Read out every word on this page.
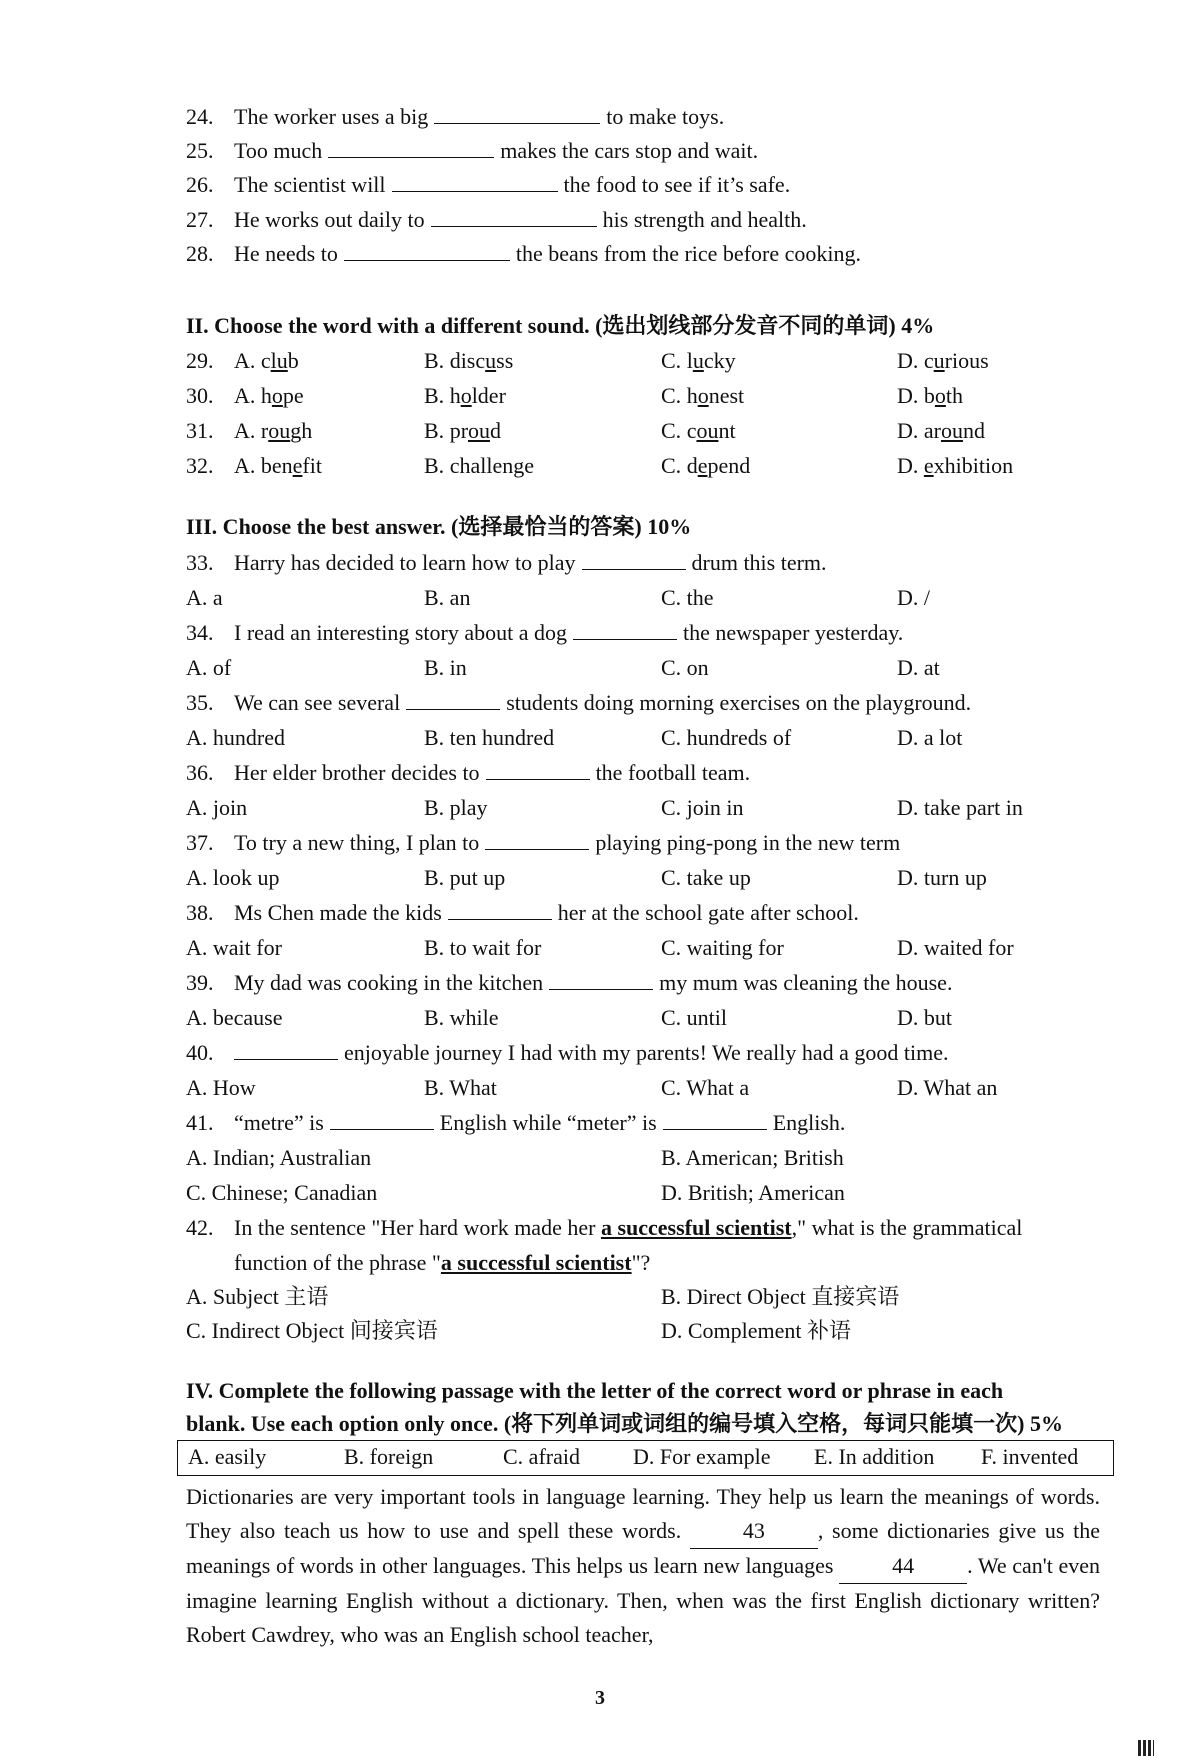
24. The worker uses a big	to make toys.
25. Too much	makes the cars stop and wait.
26. The scientist will	the food to see if it’s safe.
27. He works out daily to	his strength and health.
28. He needs to	the beans from the rice before cooking.
II. Choose the word with a different sound. (选出划线部分发音不同的单词) 4%
29. A. club	B. discuss	C. lucky	D. curious
30. A. hope	B. holder	C. honest	D. both
31. A. rough	B. proud	C. count	D. around
32. A. benefit	B. challenge	C. depend	D. exhibition
III. Choose the best answer. (选择最恰当的答案) 10%
33. Harry has decided to learn how to play	drum this term.
A. a	B. an	C. the	D. /
34. I read an interesting story about a dog	the newspaper yesterday.
A. of	B. in	C. on	D. at
35. We can see several	students doing morning exercises on the playground.
A. hundred	B. ten hundred	C. hundreds of	D. a lot
36. Her elder brother decides to	the football team.
A. join	B. play	C. join in	D. take part in
37. To try a new thing, I plan to	playing ping-pong in the new term
A. look up	B. put up	C. take up	D. turn up
38. Ms Chen made the kids	her at the school gate after school.
A. wait for	B. to wait for	C. waiting for	D. waited for
39. My dad was cooking in the kitchen	my mum was cleaning the house.
A. because	B. while	C. until	D. but
40.	enjoyable journey I had with my parents! We really had a good time.
A. How	B. What	C. What a	D. What an
41. “metre” is	English while “meter” is	English.
A. Indian; Australian	B. American; British
C. Chinese; Canadian	D. British; American
42. In the sentence "Her hard work made her a successful scientist," what is the grammatical
function of the phrase "a successful scientist"?
A. Subject 主语	B. Direct Object 直接宾语
C. Indirect Object 间接宾语	D. Complement 补语
IV. Complete the following passage with the letter of the correct word or phrase in each
blank. Use each option only once. (将下列单词或词组的编号填入空格，每词只能填一次) 5%
A. easily	B. foreign	C. afraid D. For example E. In addition F. invented
Dictionaries are very important tools in language learning. They help us learn the meanings of words. They also teach us how to use and spell these words.	43 , some dictionaries give us the meanings of words in other languages. This helps us learn new languages	44 . We can't even imagine learning English without a dictionary. Then, when was the first English dictionary written? Robert Cawdrey, who was an English school teacher,
3
